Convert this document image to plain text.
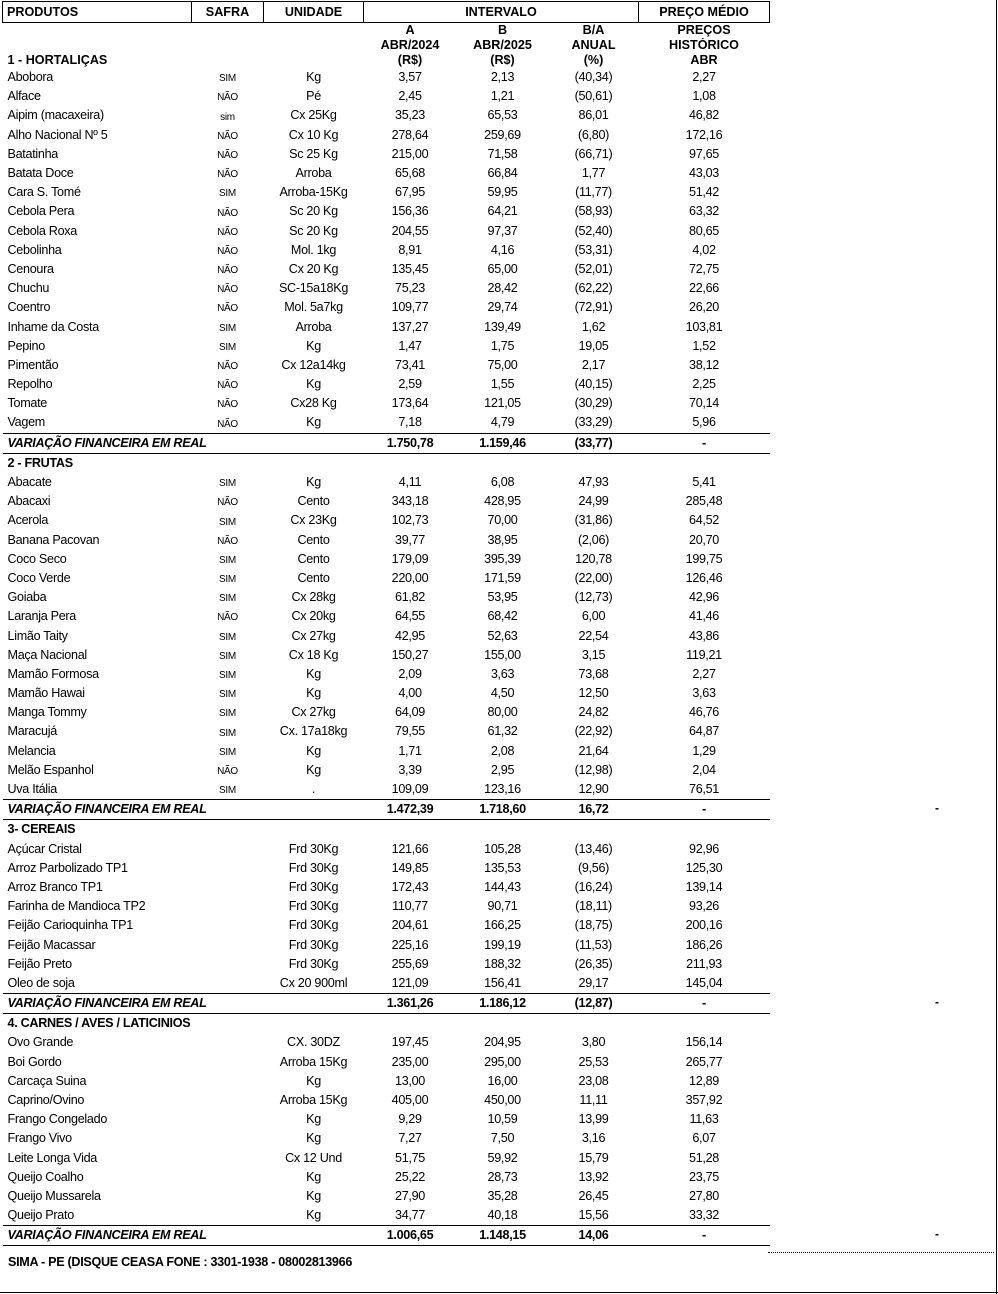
PRODUTOS	SAFRA	UNIDADE	INTERVALO			PREÇO MÉDIO
			A	B	B/A	PREÇOS
			ABR/2024	ABR/2025	ANUAL	HISTÓRICO
1 - HORTALIÇAS			(R$)	(R$)	(%)	ABR
Abobora	SIM	Kg	3,57	2,13	(40,34)	2,27
Alface	NÃO	Pé	2,45	1,21	(50,61)	1,08
Aipim (macaxeira)	sim	Cx 25Kg	35,23	65,53	86,01	46,82
Alho Nacional Nº 5	NÃO	Cx 10 Kg	278,64	259,69	(6,80)	172,16
Batatinha	NÃO	Sc 25 Kg	215,00	71,58	(66,71)	97,65
Batata Doce	NÃO	Arroba	65,68	66,84	1,77	43,03
Cara S. Tomé	SIM	Arroba-15Kg	67,95	59,95	(11,77)	51,42
Cebola Pera	NÃO	Sc 20 Kg	156,36	64,21	(58,93)	63,32
Cebola Roxa	NÃO	Sc 20 Kg	204,55	97,37	(52,40)	80,65
Cebolinha	NÃO	Mol. 1kg	8,91	4,16	(53,31)	4,02
Cenoura	NÃO	Cx 20 Kg	135,45	65,00	(52,01)	72,75
Chuchu	NÃO	SC-15a18Kg	75,23	28,42	(62,22)	22,66
Coentro	NÃO	Mol. 5a7kg	109,77	29,74	(72,91)	26,20
Inhame da Costa	SIM	Arroba	137,27	139,49	1,62	103,81
Pepino	SIM	Kg	1,47	1,75	19,05	1,52
Pimentão	NÃO	Cx 12a14kg	73,41	75,00	2,17	38,12
Repolho	NÃO	Kg	2,59	1,55	(40,15)	2,25
Tomate	NÃO	Cx28 Kg	173,64	121,05	(30,29)	70,14
Vagem	NÃO	Kg	7,18	4,79	(33,29)	5,96
VARIAÇÃO FINANCEIRA EM REAL			1.750,78	1.159,46	(33,77)	-
2 - FRUTAS						
Abacate	SIM	Kg	4,11	6,08	47,93	5,41
Abacaxi	NÃO	Cento	343,18	428,95	24,99	285,48
Acerola	SIM	Cx 23Kg	102,73	70,00	(31,86)	64,52
Banana Pacovan	NÃO	Cento	39,77	38,95	(2,06)	20,70
Coco Seco	SIM	Cento	179,09	395,39	120,78	199,75
Coco Verde	SIM	Cento	220,00	171,59	(22,00)	126,46
Goiaba	SIM	Cx 28kg	61,82	53,95	(12,73)	42,96
Laranja Pera	NÃO	Cx 20kg	64,55	68,42	6,00	41,46
Limão Taity	SIM	Cx 27kg	42,95	52,63	22,54	43,86
Maça Nacional	SIM	Cx 18 Kg	150,27	155,00	3,15	119,21
Mamão Formosa	SIM	Kg	2,09	3,63	73,68	2,27
Mamão Hawai	SIM	Kg	4,00	4,50	12,50	3,63
Manga Tommy	SIM	Cx 27kg	64,09	80,00	24,82	46,76
Maracujá	SIM	Cx. 17a18kg	79,55	61,32	(22,92)	64,87
Melancia	SIM	Kg	1,71	2,08	21,64	1,29
Melão Espanhol	NÃO	Kg	3,39	2,95	(12,98)	2,04
Uva Itália	SIM	.	109,09	123,16	12,90	76,51
VARIAÇÃO FINANCEIRA EM REAL			1.472,39	1.718,60	16,72	-
3- CEREAIS						
Açúcar Cristal		Frd 30Kg	121,66	105,28	(13,46)	92,96
Arroz Parbolizado TP1		Frd 30Kg	149,85	135,53	(9,56)	125,30
Arroz Branco TP1		Frd 30Kg	172,43	144,43	(16,24)	139,14
Farinha de Mandioca TP2		Frd 30Kg	110,77	90,71	(18,11)	93,26
Feijão Carioquinha TP1		Frd 30Kg	204,61	166,25	(18,75)	200,16
Feijão Macassar		Frd 30Kg	225,16	199,19	(11,53)	186,26
Feijão Preto		Frd 30Kg	255,69	188,32	(26,35)	211,93
Oleo de soja		Cx 20 900ml	121,09	156,41	29,17	145,04
VARIAÇÃO FINANCEIRA EM REAL			1.361,26	1.186,12	(12,87)	-
4. CARNES / AVES / LATICINIOS						
Ovo Grande		CX. 30DZ	197,45	204,95	3,80	156,14
Boi Gordo		Arroba 15Kg	235,00	295,00	25,53	265,77
Carcaça Suina		Kg	13,00	16,00	23,08	12,89
Caprino/Ovino		Arroba 15Kg	405,00	450,00	11,11	357,92
Frango Congelado		Kg	9,29	10,59	13,99	11,63
Frango Vivo		Kg	7,27	7,50	3,16	6,07
Leite Longa Vida		Cx 12 Und	51,75	59,92	15,79	51,28
Queijo Coalho		Kg	25,22	28,73	13,92	23,75
Queijo Mussarela		Kg	27,90	35,28	26,45	27,80
Queijo Prato		Kg	34,77	40,18	15,56	33,32
VARIAÇÃO FINANCEIRA EM REAL			1.006,65	1.148,15	14,06	-
SIMA - PE (DISQUE CEASA FONE : 3301-1938 - 08002813966
-
-
-
